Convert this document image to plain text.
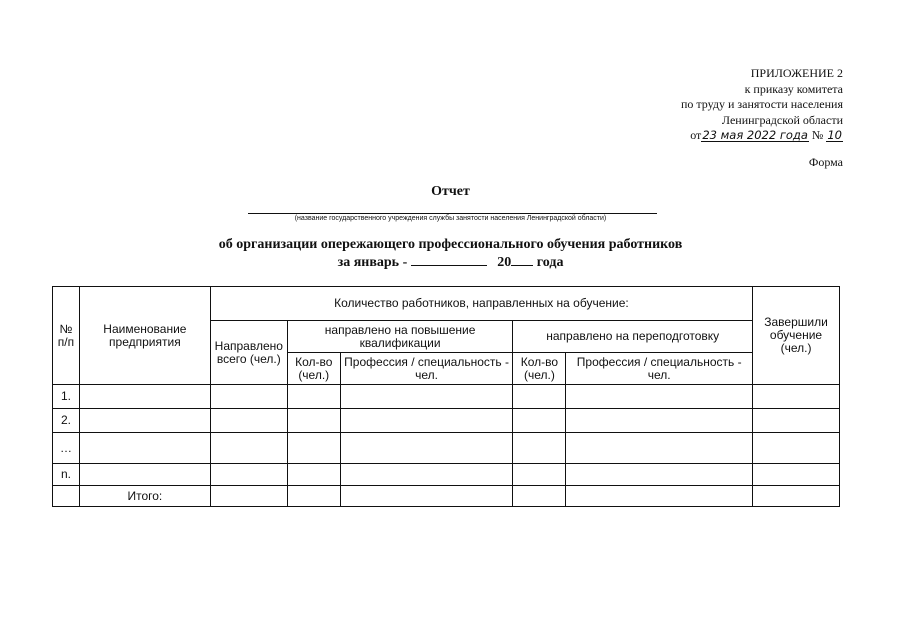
ПРИЛОЖЕНИЕ 2
к приказу комитета
по труду и занятости населения
Ленинградской области
от23 мая 2022 года № 10
Форма
Отчет
(название государственного учреждения службы занятости населения Ленинградской области)
об организации опережающего профессионального обучения работников
за январь -	20 года
№ п/п	Наименование предприятия	Количество работников, направленных на обучение:					Завершили обучение (чел.)
		Направлено всего (чел.)	направлено на повышение квалификации		направлено на переподготовку		
			Кол-во (чел.)	Профессия / специальность - чел.	Кол-во (чел.)	Профессия / специальность - чел.	
1.							
2.							
…							
n.							
	Итого:						
